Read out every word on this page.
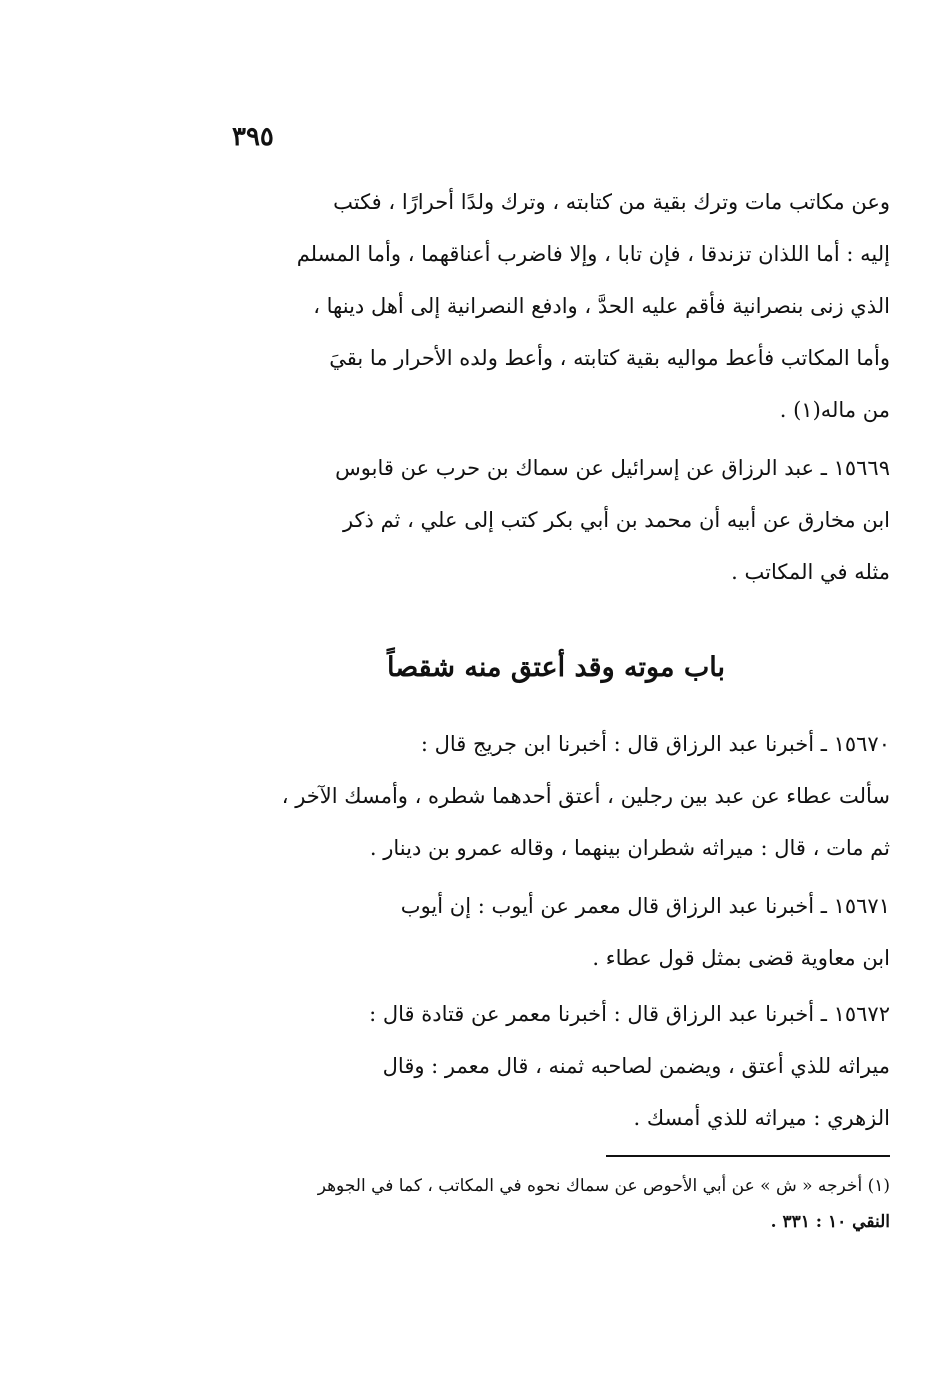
٣٩٥
وعن مكاتب مات وترك بقية من كتابته ، وترك ولدًا أحرارًا ، فكتب
إليه : أما اللذان تزندقا ، فإن تابا ، وإلا فاضرب أعناقهما ، وأما المسلم
الذي زنى بنصرانية فأقم عليه الحدَّ ، وادفع النصرانية إلى أهل دينها ،
وأما المكاتب فأعط مواليه بقية كتابته ، وأعط ولده الأحرار ما بقيَ
من ماله(١) .
١٥٦٦٩ ـ عبد الرزاق عن إسرائيل عن سماك بن حرب عن قابوس
ابن مخارق عن أبيه أن محمد بن أبي بكر كتب إلى علي ، ثم ذكر
مثله في المكاتب .
باب موته وقد أعتق منه شقصاً
١٥٦٧٠ ـ أخبرنا عبد الرزاق قال : أخبرنا ابن جريج قال :
سألت عطاء عن عبد بين رجلين ، أعتق أحدهما شطره ، وأمسك الآخر ،
ثم مات ، قال : ميراثه شطران بينهما ، وقاله عمرو بن دينار .
١٥٦٧١ ـ أخبرنا عبد الرزاق قال معمر عن أيوب : إن أيوب
ابن معاوية قضى بمثل قول عطاء .
١٥٦٧٢ ـ أخبرنا عبد الرزاق قال : أخبرنا معمر عن قتادة قال :
ميراثه للذي أعتق ، ويضمن لصاحبه ثمنه ، قال معمر : وقال
الزهري : ميراثه للذي أمسك .
(١) أخرجه « ش » عن أبي الأحوص عن سماك نحوه في المكاتب ، كما في الجوهر
النقي ١٠ : ٣٣١ .
